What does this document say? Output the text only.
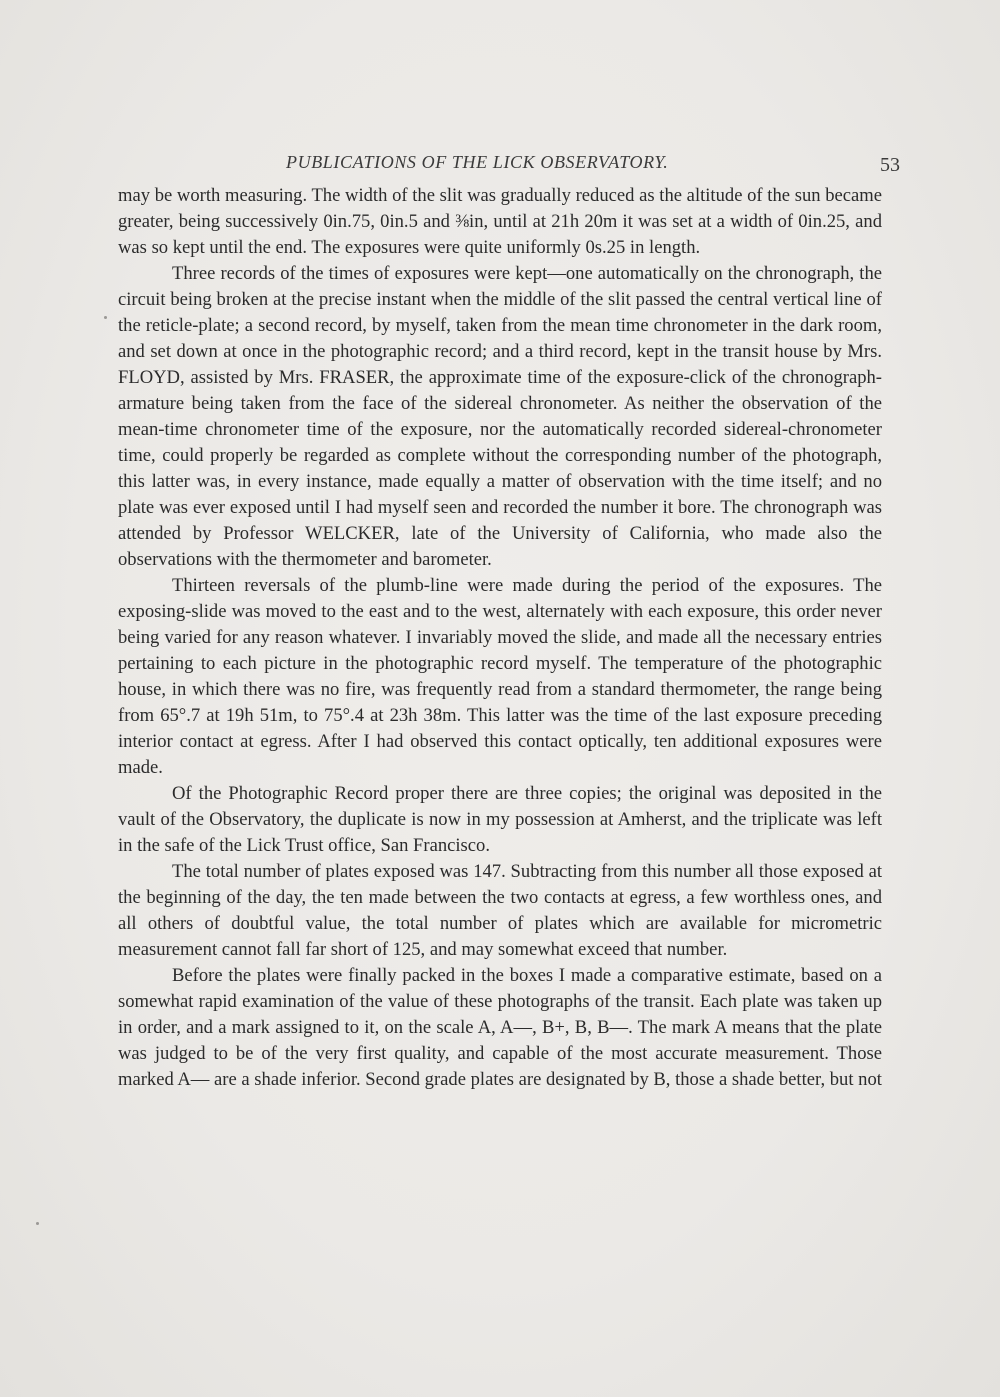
PUBLICATIONS OF THE LICK OBSERVATORY.	53

may be worth measuring. The width of the slit was gradually reduced as the altitude of the sun became greater, being successively 0in.75, 0in.5 and ⅜in, until at 21h 20m it was set at a width of 0in.25, and was so kept until the end. The exposures were quite uniformly 0s.25 in length.

Three records of the times of exposures were kept—one automatically on the chronograph, the circuit being broken at the precise instant when the middle of the slit passed the central vertical line of the reticle-plate; a second record, by myself, taken from the mean time chronometer in the dark room, and set down at once in the photographic record; and a third record, kept in the transit house by Mrs. FLOYD, assisted by Mrs. FRASER, the approximate time of the exposure-click of the chronograph-armature being taken from the face of the sidereal chronometer. As neither the observation of the mean-time chronometer time of the exposure, nor the automatically recorded sidereal-chronometer time, could properly be regarded as complete without the corresponding number of the photograph, this latter was, in every instance, made equally a matter of observation with the time itself; and no plate was ever exposed until I had myself seen and recorded the number it bore. The chronograph was attended by Professor WELCKER, late of the University of California, who made also the observations with the thermometer and barometer.

Thirteen reversals of the plumb-line were made during the period of the exposures. The exposing-slide was moved to the east and to the west, alternately with each exposure, this order never being varied for any reason whatever. I invariably moved the slide, and made all the necessary entries pertaining to each picture in the photographic record myself. The temperature of the photographic house, in which there was no fire, was frequently read from a standard thermometer, the range being from 65°.7 at 19h 51m, to 75°.4 at 23h 38m. This latter was the time of the last exposure preceding interior contact at egress. After I had observed this contact optically, ten additional exposures were made.

Of the Photographic Record proper there are three copies; the original was deposited in the vault of the Observatory, the duplicate is now in my possession at Amherst, and the triplicate was left in the safe of the Lick Trust office, San Francisco.

The total number of plates exposed was 147. Subtracting from this number all those exposed at the beginning of the day, the ten made between the two contacts at egress, a few worthless ones, and all others of doubtful value, the total number of plates which are available for micrometric measurement cannot fall far short of 125, and may somewhat exceed that number.

Before the plates were finally packed in the boxes I made a comparative estimate, based on a somewhat rapid examination of the value of these photographs of the transit. Each plate was taken up in order, and a mark assigned to it, on the scale A, A—, B+, B, B—. The mark A means that the plate was judged to be of the very first quality, and capable of the most accurate measurement. Those marked A— are a shade inferior. Second grade plates are designated by B, those a shade better, but not
